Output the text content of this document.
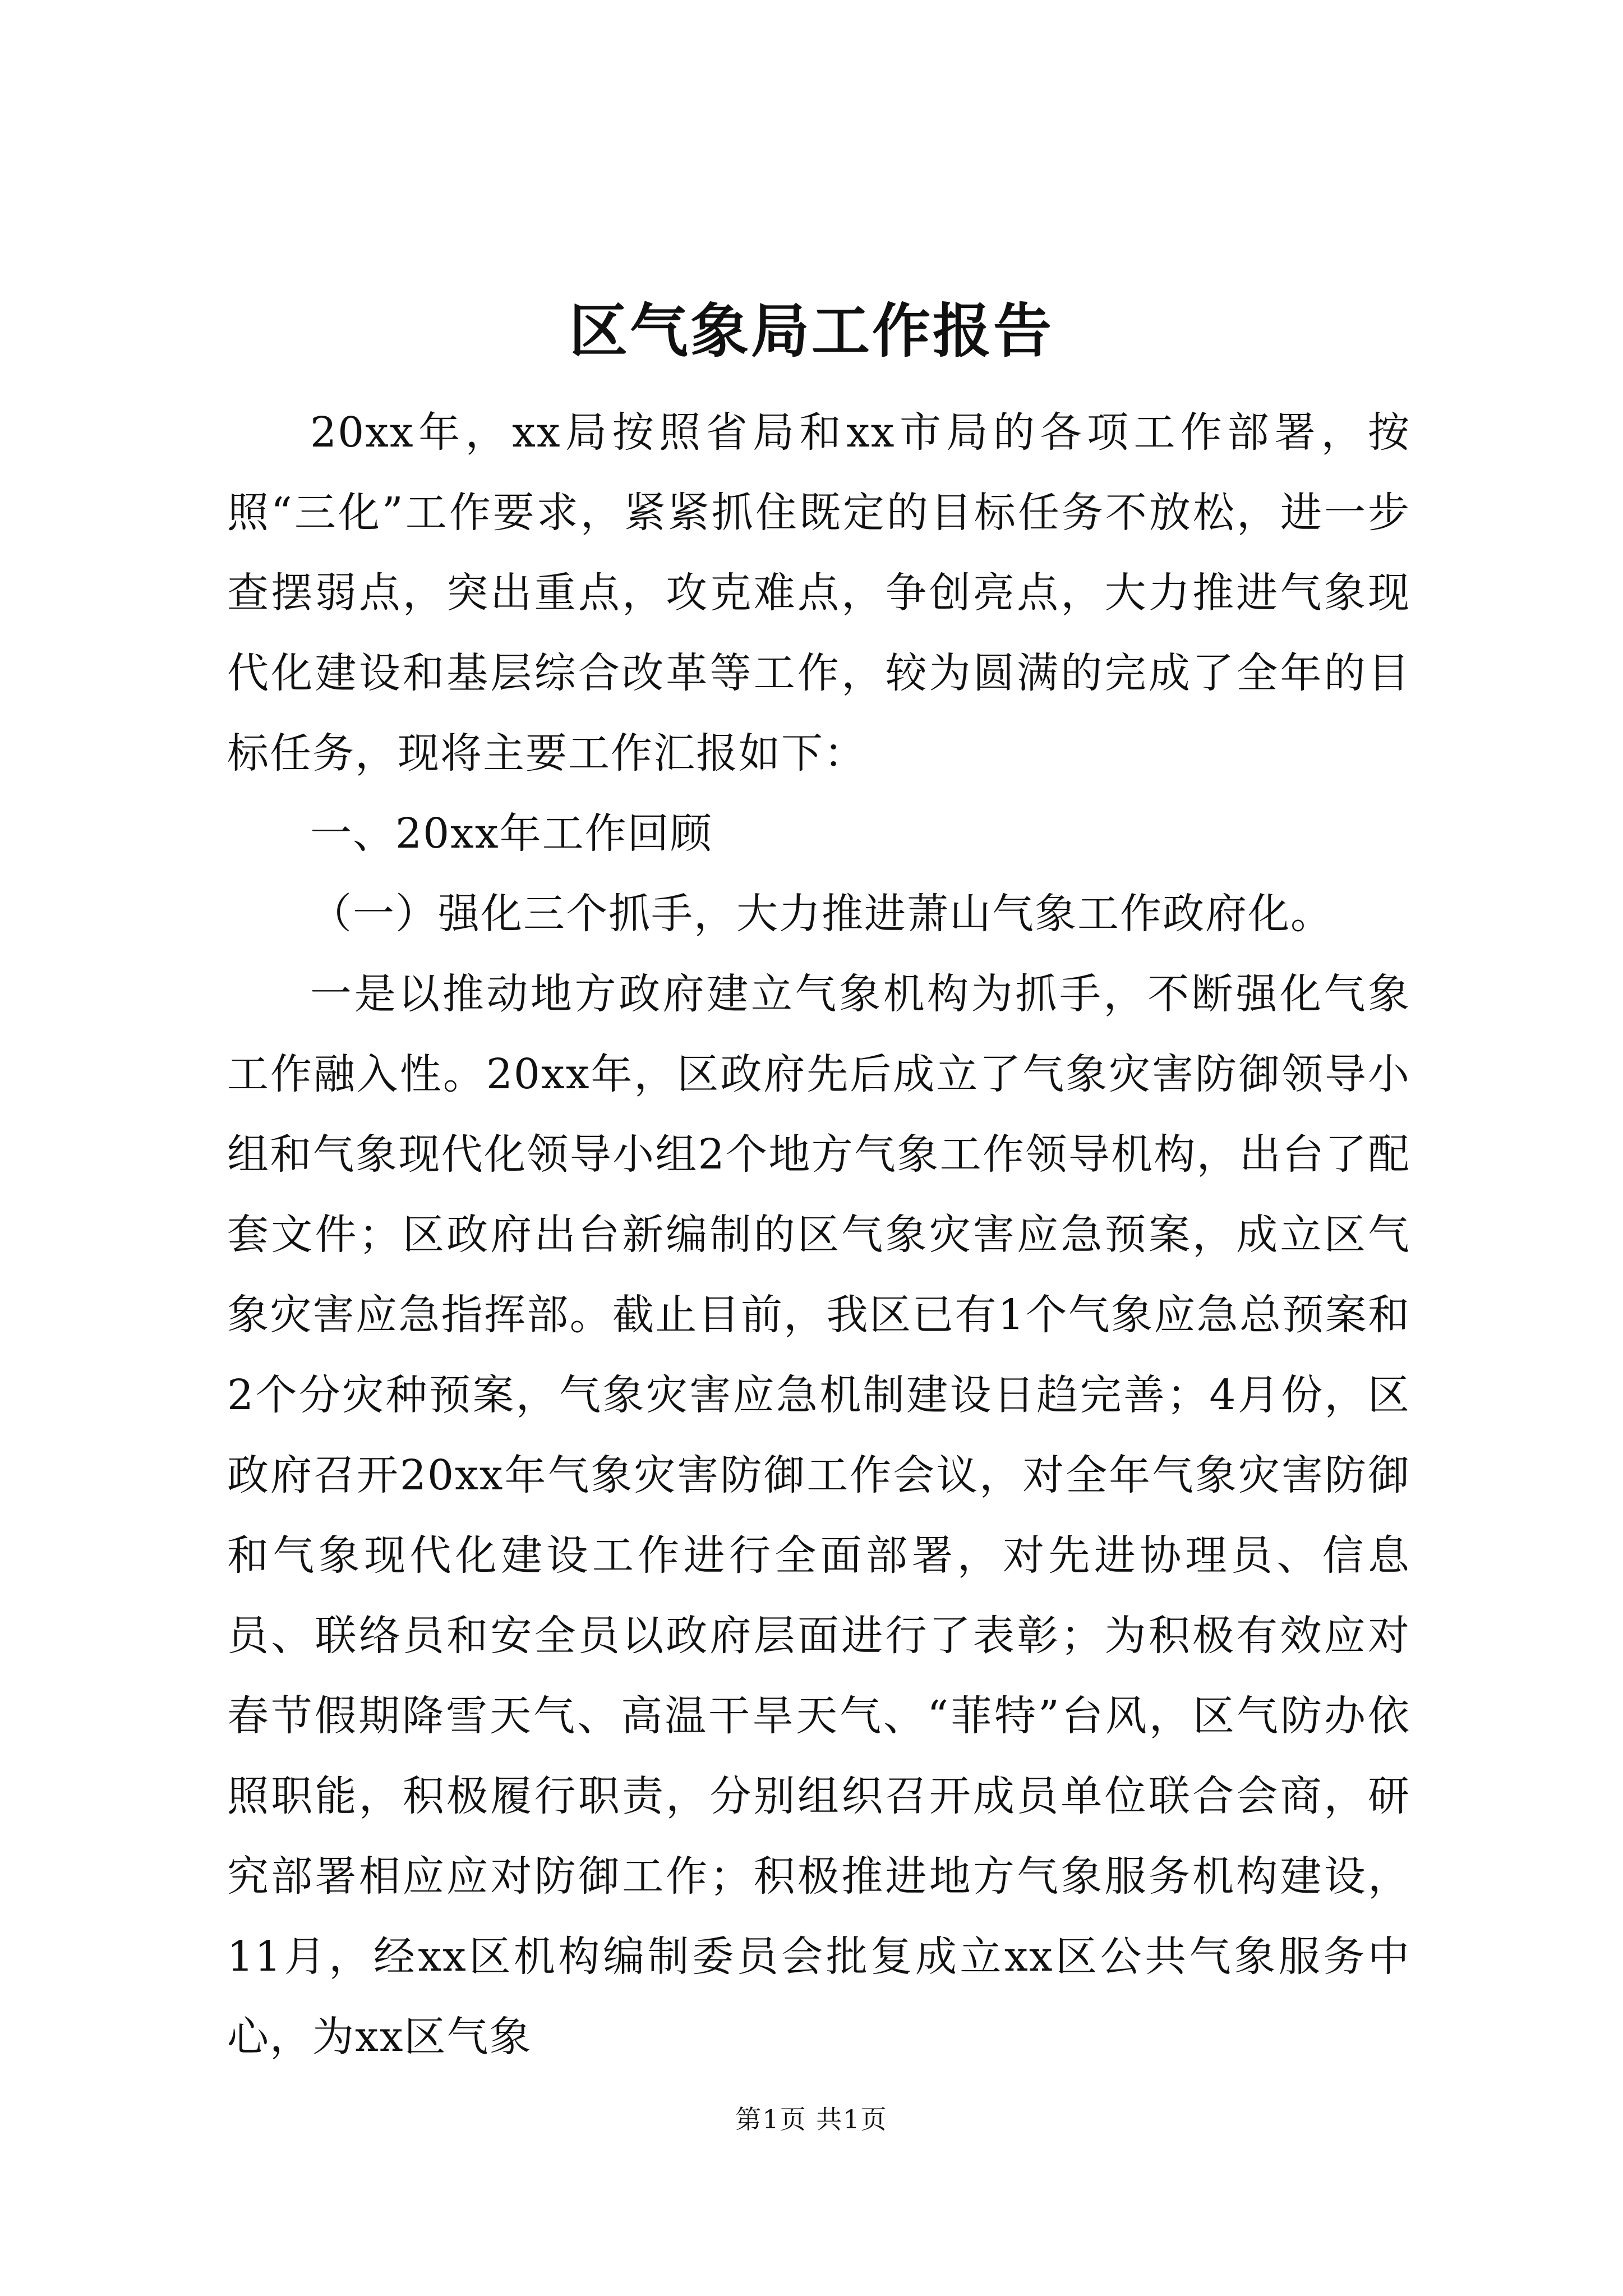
区气象局工作报告

20xx年，xx局按照省局和xx市局的各项工作部署，按照“三化”工作要求，紧紧抓住既定的目标任务不放松，进一步查摆弱点，突出重点，攻克难点，争创亮点，大力推进气象现代化建设和基层综合改革等工作，较为圆满的完成了全年的目标任务，现将主要工作汇报如下：

一、20xx年工作回顾

（一）强化三个抓手，大力推进萧山气象工作政府化。

一是以推动地方政府建立气象机构为抓手，不断强化气象工作融入性。20xx年，区政府先后成立了气象灾害防御领导小组和气象现代化领导小组2个地方气象工作领导机构，出台了配套文件；区政府出台新编制的区气象灾害应急预案，成立区气象灾害应急指挥部。截止目前，我区已有1个气象应急总预案和2个分灾种预案，气象灾害应急机制建设日趋完善；4月份，区政府召开20xx年气象灾害防御工作会议，对全年气象灾害防御和气象现代化建设工作进行全面部署，对先进协理员、信息员、联络员和安全员以政府层面进行了表彰；为积极有效应对春节假期降雪天气、高温干旱天气、“菲特”台风，区气防办依照职能，积极履行职责，分别组织召开成员单位联合会商，研究部署相应应对防御工作；积极推进地方气象服务机构建设，11月，经xx区机构编制委员会批复成立xx区公共气象服务中心，为xx区气象

第1页 共1页
